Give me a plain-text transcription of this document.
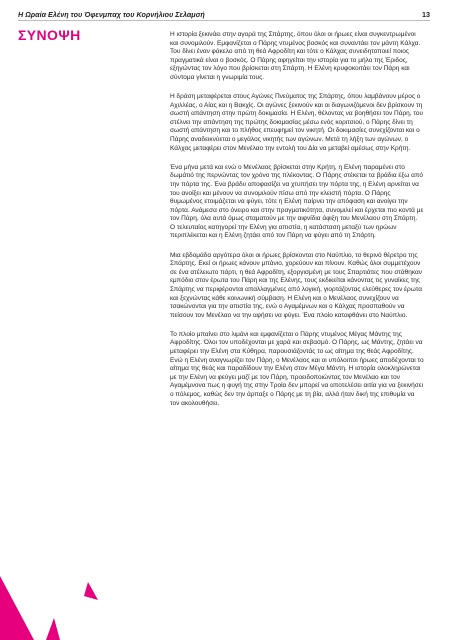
Η Ωραία Ελένη του Όφενμπαχ του Κορνήλιου Σελαμσή	13
ΣΥΝΟΨΗ	Η ιστορία ξεκινάει στην αγορά της Σπάρτης, όπου όλοι οι ήρωες είναι συγκεντρωμένοι και συνομιλούν. Εμφανίζεται ο Πάρης ντυμένος βοσκός και συναντάει τον μάντη Κάλχα. Του δίνει έναν φάκελο από τη θεά Αφροδίτη και τότε ο Κάλχας συνειδητοποιεί ποιος πραγματικά είναι ο βοσκός. Ο Πάρης αφηγείται την ιστορία για το μήλο της Έριδος, εξηγώντας τον λόγο που βρίσκεται στη Σπάρτη. Η Ελένη κρυφοκοιτάει τον Πάρη και σύντομα γίνεται η γνωριμία τους.

Η δράση μεταφέρεται στους Αγώνες Πνεύματος της Σπάρτης, όπου λαμβάνουν μέρος ο Αχιλλέας, ο Αίας και η Βακχίς. Οι αγώνες ξεκινούν και οι διαγωνιζόμενοι δεν βρίσκουν τη σωστή απάντηση στην πρώτη δοκιμασία. Η Ελένη, θέλοντας να βοηθήσει τον Πάρη, του στέλνει την απάντηση της πρώτης δοκιμασίας μέσω ενός κοριτσιού, ο Πάρης δίνει τη σωστή απάντηση και το πλήθος επευφημεί τον νικητή. Οι δοκιμασίες συνεχίζονται και ο Πάρης αναδεικνύεται ο μεγάλος νικητής των αγώνων. Μετά τη λήξη των αγώνων, ο Κάλχας μεταφέρει στον Μενέλαο την εντολή του Δία να μεταβεί αμέσως στην Κρήτη.

Ένα μήνα μετά και ενώ ο Μενέλαος βρίσκεται στην Κρήτη, η Ελένη παραμένει στο δωμάτιό της περνώντας τον χρόνο της πλέκοντας. Ο Πάρης στέκεται τα βράδια έξω από την πόρτα της. Ένα βράδυ αποφασίζει να χτυπήσει την πόρτα της, η Ελένη αρνείται να του ανοίξει και μένουν να συνομιλούν πίσω από την κλειστή πόρτα. Ο Πάρης θυμωμένος ετοιμάζεται να φύγει, τότε η Ελένη παίρνει την απόφαση και ανοίγει την πόρτα. Ανάμεσα στο όνειρο και στην πραγματικότητα, συνομιλεί και έρχεται πιο κοντά με τον Πάρη, όλα αυτά όμως σταματούν με την αιφνίδια άφιξη του Μενέλαου στη Σπάρτη. Ο τελευταίος κατηγορεί την Ελένη για απιστία, η κατάσταση μεταξύ των ηρώων περιπλέκεται και η Ελένη ζητάει από τον Πάρη να φύγει από τη Σπάρτη.

Μια εβδομάδα αργότερα όλοι οι ήρωες βρίσκονται στο Ναύπλιο, το θερινό θέρετρο της Σπάρτης. Εκεί οι ήρωες κάνουν μπάνιο, χορεύουν και πίνουν. Καθώς όλοι συμμετέχουν σε ένα ατέλειωτο πάρτι, η θεά Αφροδίτη, εξοργισμένη με τους Σπαρτιάτες που στάθηκαν εμπόδιο στον έρωτα του Πάρη και της Ελένης, τους εκδικείται κάνοντας τις γυναίκες της Σπάρτης να περιφέρονται απαλλαγμένες από λογική, γιορτάζοντας ελεύθερες τον έρωτα και ξεχνώντας κάθε κοινωνική σύμβαση. Η Ελένη και ο Μενέλαος συνεχίζουν να τσακώνονται για την απιστία της, ενώ ο Αγαμέμνων και ο Κάλχας προσπαθούν να πείσουν τον Μενέλαο να την αφήσει να φύγει. Ένα πλοίο καταφθάνει στο Ναύπλιο.

Το πλοίο μπαίνει στο λιμάνι και εμφανίζεται ο Πάρης ντυμένος Μέγας Μάντης της Αφροδίτης. Όλοι τον υποδέχονται με χαρά και σεβασμό. Ο Πάρης, ως Μάντης, ζητάει να μεταφέρει την Ελένη στα Κύθηρα, παρουσιάζοντάς το ως αίτημα της θεάς Αφροδίτης. Ενώ η Ελένη αναγνωρίζει τον Πάρη, ο Μενέλαος και οι υπόλοιποι ήρωες αποδέχονται το αίτημα της θεάς και παραδίδουν την Ελένη στον Μέγα Μάντη. Η ιστορία ολοκληρώνεται με την Ελένη να φεύγει μαζί με τον Πάρη, προειδοποιώντας τον Μενέλαο και τον Αγαμέμνονα πως η φυγή της στην Τροία δεν μπορεί να αποτελέσει αιτία για να ξεκινήσει ο πόλεμος, καθώς δεν την άρπαξε ο Πάρης με τη βία, αλλά ήταν δική της επιθυμία να τον ακολουθήσει.
